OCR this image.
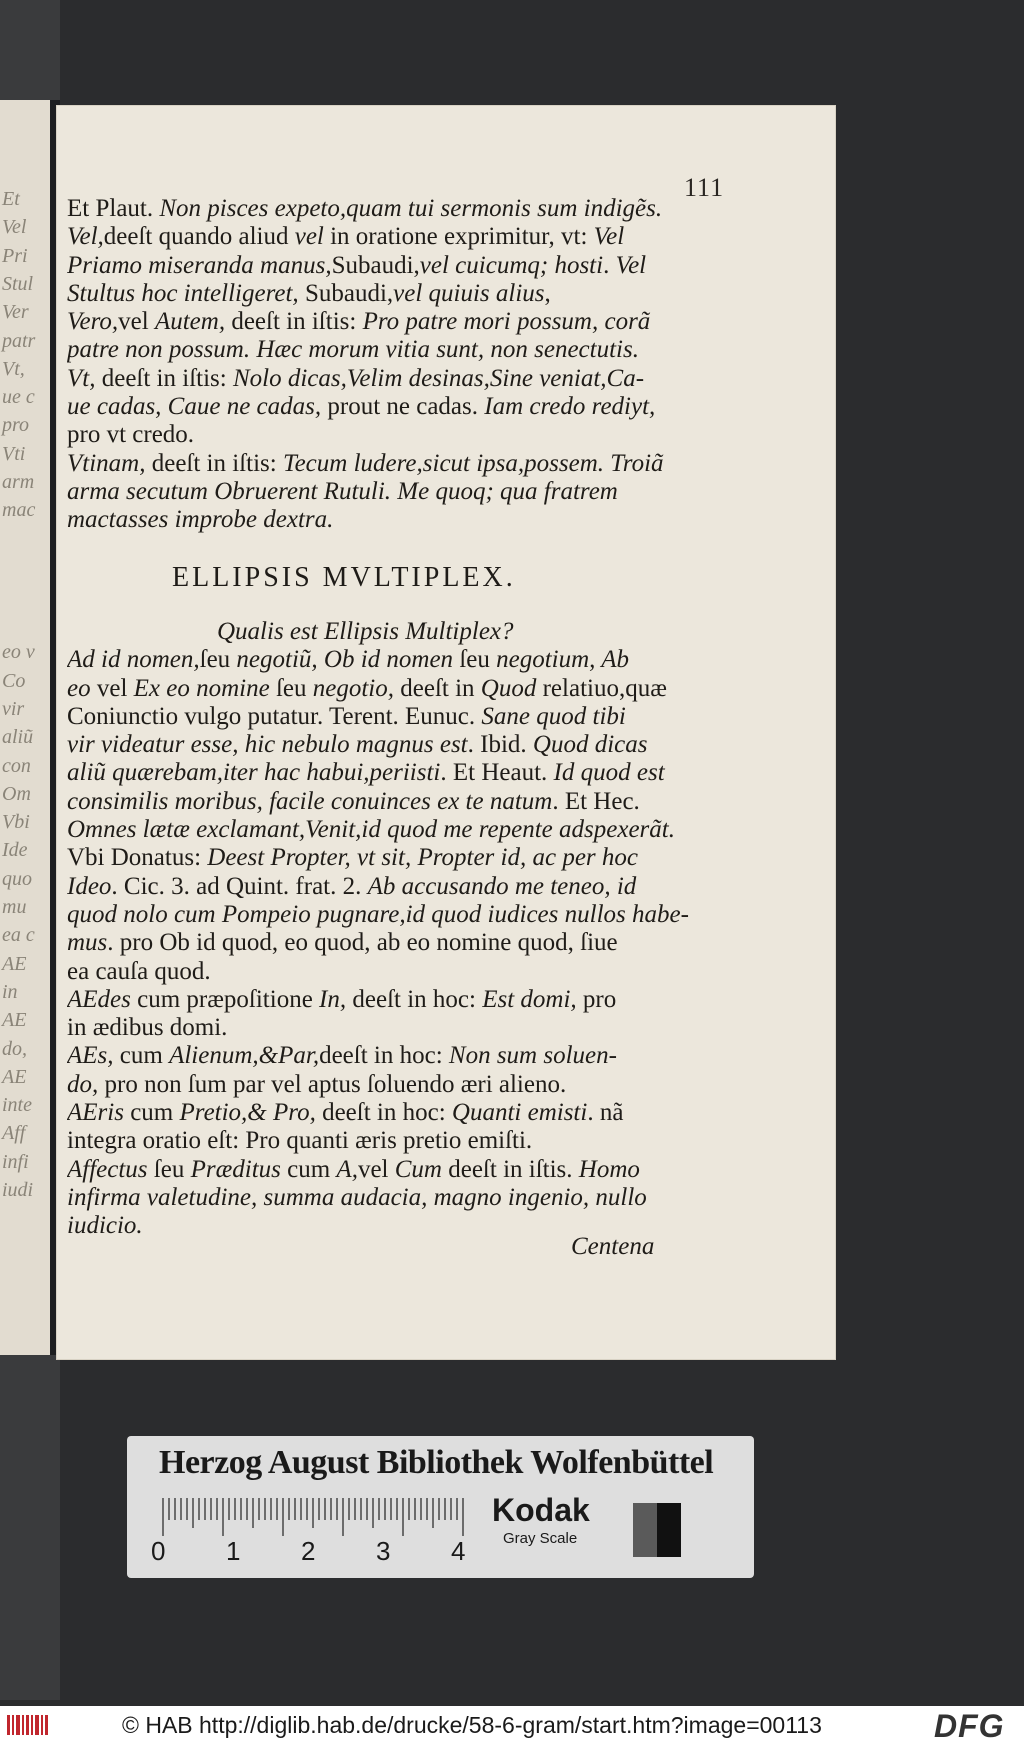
Et
Vel
Pri
Stul
Ver
patr
Vt,
ue c
pro
Vti
arm
mac
eo v
Co
vir
aliũ
con
Om
Vbi
Ide
quo
mu
ea c
AE
in
AE
do,
AE
inte
Aff
infi
iudi
111
Et Plaut. Non pisces expeto,quam tui sermonis sum indigẽs.
Vel,deeſt quando aliud vel in oratione exprimitur, vt: Vel
Priamo miseranda manus,Subaudi,vel cuicumq; hosti. Vel
Stultus hoc intelligeret, Subaudi,vel quiuis alius,
Vero,vel Autem, deeſt in iſtis: Pro patre mori possum, corã
patre non possum. Hæc morum vitia sunt, non senectutis.
Vt, deeſt in iſtis: Nolo dicas,Velim desinas,Sine veniat,Ca-
ue cadas, Caue ne cadas, prout ne cadas. Iam credo rediyt,
pro vt credo.
Vtinam, deeſt in iſtis: Tecum ludere,sicut ipsa,possem. Troiã
arma secutum Obruerent Rutuli. Me quoq; qua fratrem
mactasses improbe dextra.
ELLIPSIS MVLTIPLEX.
Qualis est Ellipsis Multiplex?
Ad id nomen,ſeu negotiũ, Ob id nomen ſeu negotium, Ab
eo vel Ex eo nomine ſeu negotio, deeſt in Quod relatiuo,quæ
Coniunctio vulgo putatur. Terent. Eunuc. Sane quod tibi
vir videatur esse, hic nebulo magnus est. Ibid. Quod dicas
aliũ quærebam,iter hac habui,periisti. Et Heaut. Id quod est
consimilis moribus, facile conuinces ex te natum. Et Hec.
Omnes lætæ exclamant,Venit,id quod me repente adspexerãt.
Vbi Donatus: Deest Propter, vt sit, Propter id, ac per hoc
Ideo. Cic. 3. ad Quint. frat. 2. Ab accusando me teneo, id
quod nolo cum Pompeio pugnare,id quod iudices nullos habe-
mus. pro Ob id quod, eo quod, ab eo nomine quod, ſiue
ea cauſa quod.
AEdes cum præpoſitione In, deeſt in hoc: Est domi, pro
in ædibus domi.
AEs, cum Alienum,&Par,deeſt in hoc: Non sum soluen-
do, pro non ſum par vel aptus ſoluendo æri alieno.
AEris cum Pretio,& Pro, deeſt in hoc: Quanti emisti. nã
integra oratio eſt: Pro quanti æris pretio emiſti.
Affectus ſeu Præditus cum A,vel Cum deeſt in iſtis. Homo
infirma valetudine, summa audacia, magno ingenio, nullo
iudicio.
Centena
Herzog August Bibliothek Wolfenbüttel
0 1 2 3 4
Kodak
Gray Scale
© HAB http://diglib.hab.de/drucke/58-6-gram/start.htm?image=00113	DFG
